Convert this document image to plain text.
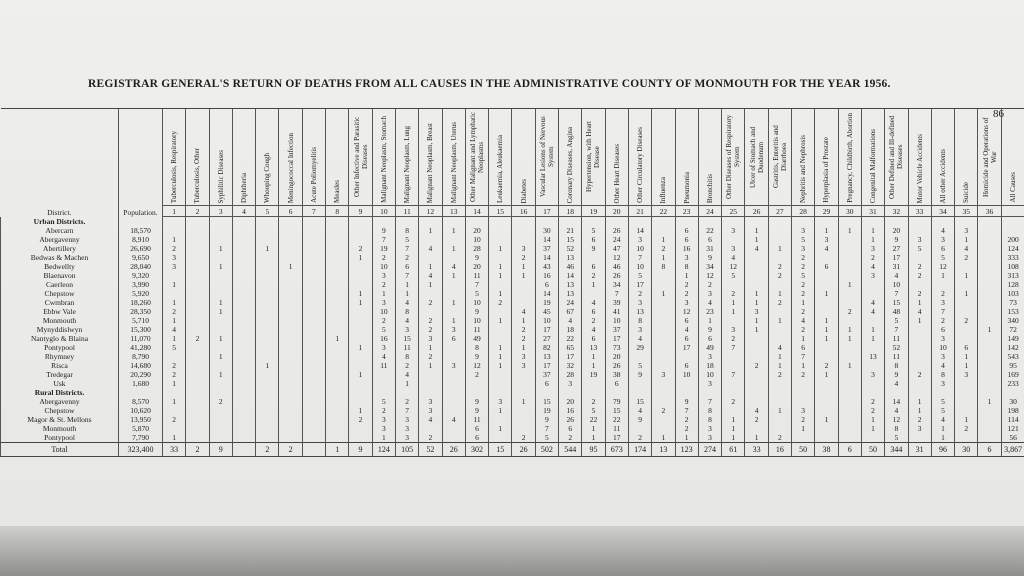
REGISTRAR GENERAL'S RETURN OF DEATHS FROM ALL CAUSES IN THE ADMINISTRATIVE COUNTY OF MONMOUTH FOR THE YEAR 1956.
86
District.	Population.	Tuberculosis, Respiratory	Tuberculosis, Other	Syphilitic Diseases	Diphtheria	Whooping Cough	Meningococcal Infection	Acute Poliomyelitis	Measles	Other Infective and Parasitic Diseases	Malignant Neoplasm, Stomach	Malignant Neoplasm, Lung	Malignant Neoplasm, Breast	Malignant Neoplasm, Uterus	Other Malignant and Lymphatic Neoplasms	Leukaemia, Aleukaemia	Diabetes	Vascular Lesions of Nervous System	Coronary Diseases, Angina	Hypertension, with Heart Disease	Other Heart Diseases	Other Circulatory Diseases	Influenza	Pneumonia	Bronchitis	Other Diseases of Respiratory System	Ulcer of Stomach and Duodenum	Gastritis, Enteritis and Diarrhoea	Nephritis and Nephrosis	Hyperplasia of Prostate	Pregnancy, Childbirth, Abortion	Congenital Malformations	Other Defined and Ill-defined Diseases	Motor Vehicle Accidents	All other Accidents	Suicide	Homicide and Operations of War	All Causes
		1	2	3	4	5	6	7	8	9	10	11	12	13	14	15	16	17	18	19	20	21	22	23	24	25	26	27	28	29	30	31	32	33	34	35	36	
Urban Districts.																																						
Abercarn	18,570										9	8	1	1	20			30	21	5	26	14		6	22	3	1		3	1	1	1	20		4	3		
Abergavenny	8,910	1									7	5			10			14	15	6	24	3	1	6	6		1		5	3		1	9	3	3	1		200
Abertillery	26,690	2		1		1				2	19	7	4	1	28	1	3	37	52	9	47	10	2	16	31	3	4	1	3	4		3	27	5	6	4		124
Bedwas & Machen	9,650	3								1	2	2			9		2	14	13		12	7	1	3	9	4			2			2	17		5	2		333
Bedwellty	28,040	3		1			1				10	6	1	4	20	1	1	43	46	6	46	10	8	8	34	12		2	2	6		4	31	2	12			108
Blaenavon	9,320										3	7	4	1	11	1	1	16	14	2	26	5		1	12	5		2	5			3	4	2	1	1		313
Caerleon	3,990	1									2	1	1		7			6	13	1	34	17		2	2				2		1		10					128
Chepstow	5,920									1	1	1			5	1		14	13		7	2	1	2	3	2	1	1	2	1			7	2	2	1		103
Cwmbran	18,260	1		1						1	3	4	2	1	10	2		19	24	4	39	3		3	4	1	1	2	1			4	15	1	3			73
Ebbw Vale	28,350	2		1							10	8			9		4	45	67	6	41	13		12	23	1	3		2		2	4	48	4	7			153
Monmouth	5,710	1									2	4	2	1	10	1	1	10	4	2	10	8		6	1		1	1	4	1			5	1	2	2		340
Mynyddislwyn	15,300	4									5	3	2	3	11		2	17	18	4	37	3		4	9	3	1		2	1	1	1	7		6		1	72
Nantyglo & Blaina	11,070	1	2	1					1		16	15	3	6	49		2	27	22	6	17	4		6	6	2			1	1	1	1	11		3			149
Pontypool	41,280	5								1	3	11	1		8	1	1	82	65	13	73	29		17	49	7		4	6				52		10	6		142
Rhymney	8,790			1							4	8	2		9	1	3	13	17	1	20				3			1	7			13	11		3	1		543
Risca	14,680	2				1					11	2	1	3	12	1	3	17	32	1	26	5		6	18		2	1	1	2	1		8		4	1		95
Tredegar	20,290	2		1						1		4			2			37	28	19	38	9	3	10	10	7		2	2	1		3	9	2	8	3		169
Usk	1,680	1										1						6	3		6				3								4		3			233
Rural Districts.																																						
Abergavenny	8,570	1		2							5	2	3		9	3	1	15	20	2	79	15		9	7	2						2	14	1	5		1	30
Chepstow	10,620									1	2	7	3		9	1		19	16	5	15	4	2	7	8		4	1	3			2	4	1	5			198
Magor & St. Mellons	13,950	2								2	3	3	4	4	11			9	26	22	22	9		2	8	1	2		2	1		1	12	2	4	1		114
Monmouth	5,870										3	3			6	1		7	6	1	11			2	3	1			1			1	8	3	1	2		121
Pontypool	7,790	1									1	3	2		6		2	5	2	1	17	2	1	1	3	1	1	2					5		1			56
Total	323,400	33	2	9		2	2		1	9	124	105	52	26	302	15	26	502	544	95	673	174	13	123	274	61	33	16	50	38	6	50	344	31	96	30	6	3,867
